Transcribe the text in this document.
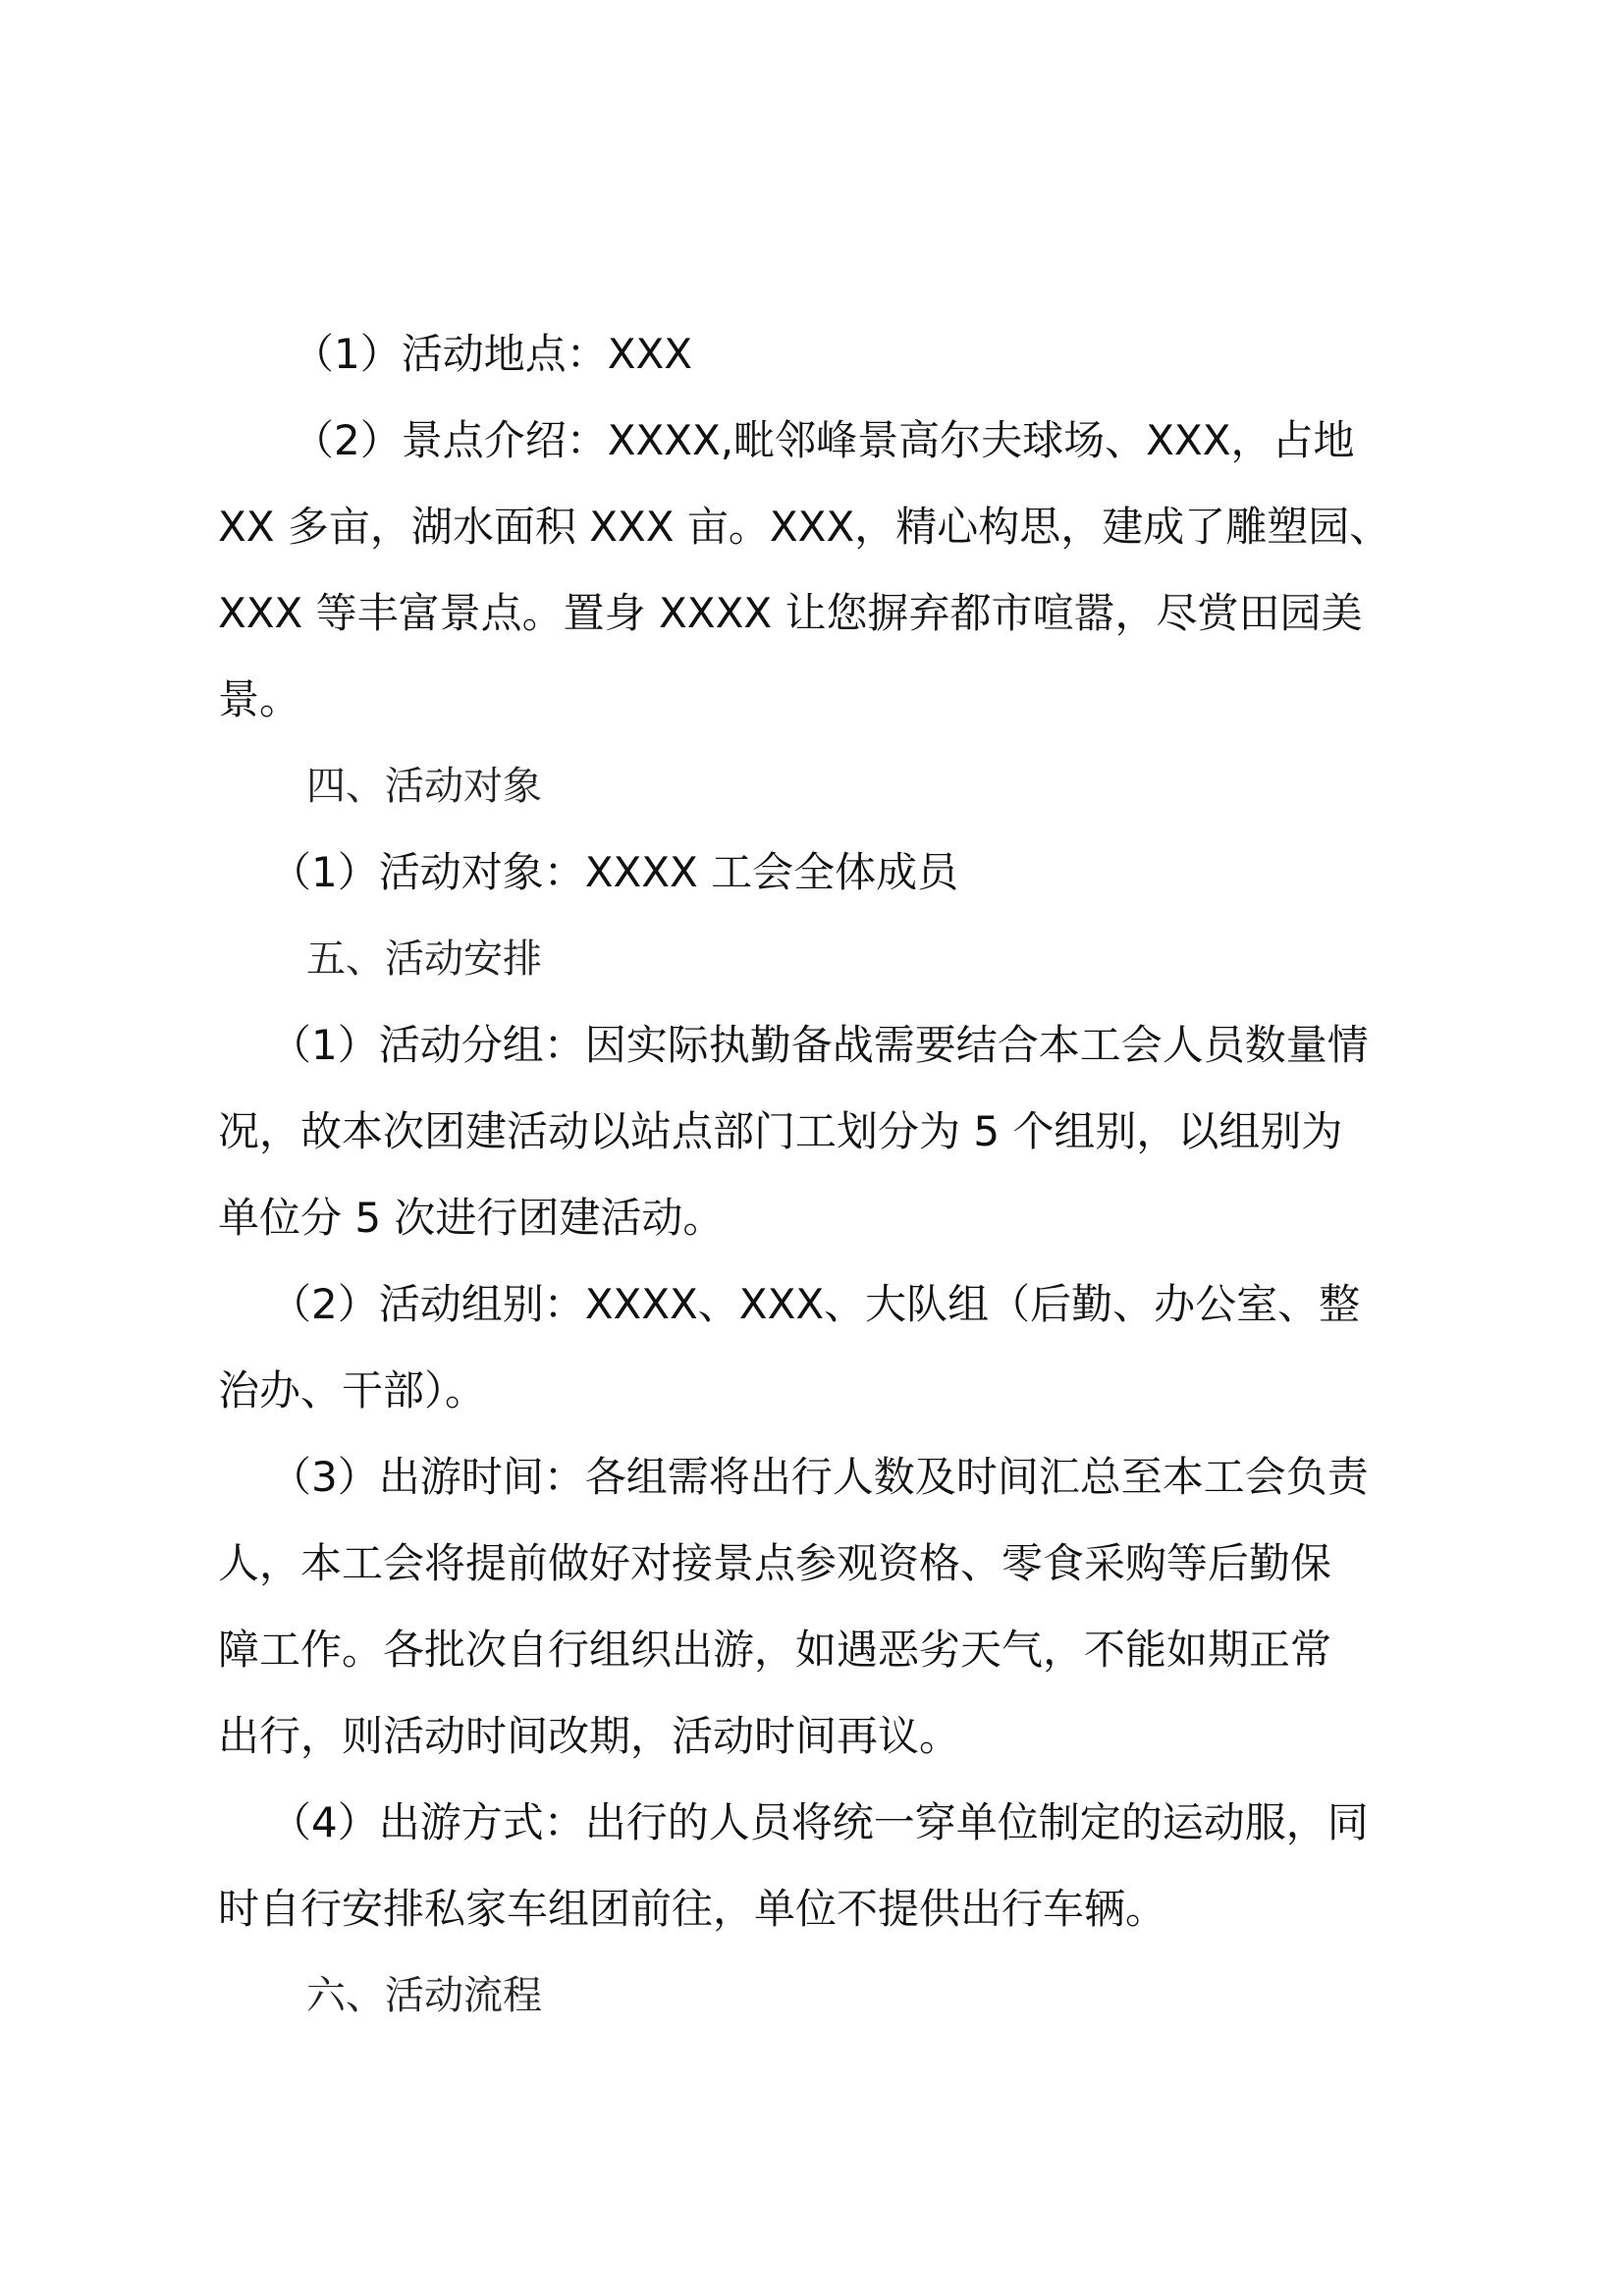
（1）活动地点：XXX
（2）景点介绍：XXXX,毗邻峰景高尔夫球场、XXX，占地
XX 多亩，湖水面积 XXX 亩。XXX，精心构思，建成了雕塑园、
XXX 等丰富景点。置身 XXXX 让您摒弃都市喧嚣，尽赏田园美
景。
四、活动对象
（1）活动对象：XXXX 工会全体成员
五、活动安排
（1）活动分组：因实际执勤备战需要结合本工会人员数量情
况，故本次团建活动以站点部门工划分为 5 个组别，以组别为
单位分 5 次进行团建活动。
（2）活动组别：XXXX、XXX、大队组（后勤、办公室、整
治办、干部）。
（3）出游时间：各组需将出行人数及时间汇总至本工会负责
人，本工会将提前做好对接景点参观资格、零食采购等后勤保
障工作。各批次自行组织出游，如遇恶劣天气，不能如期正常
出行，则活动时间改期，活动时间再议。
（4）出游方式：出行的人员将统一穿单位制定的运动服，同
时自行安排私家车组团前往，单位不提供出行车辆。
六、活动流程
